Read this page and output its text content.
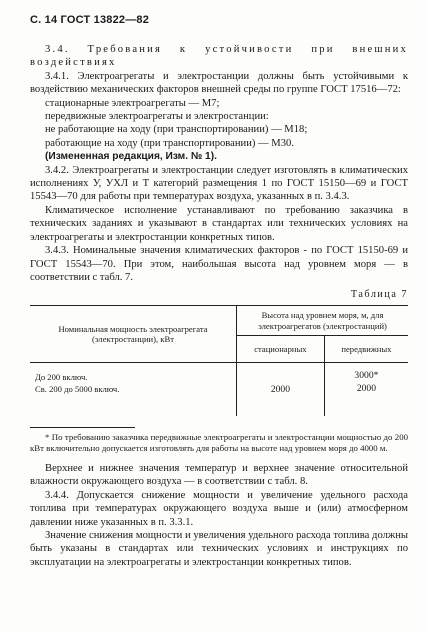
С. 14 ГОСТ 13822—82

3.4. Требования к устойчивости при внешних воздействиях

3.4.1. Электроагрегаты и электростанции должны быть устойчивыми к воздействию механических факторов внешней среды по группе ГОСТ 17516—72:

стационарные электроагрегаты — М7;

передвижные электроагрегаты и электростанции:

не работающие на ходу (при транспортировании) — М18;

работающие на ходу (при транспортировании) — М30.

(Измененная редакция, Изм. № 1).

3.4.2. Электроагрегаты и электростанции следует изготовлять в климатических исполнениях У, УХЛ и Т категорий размещения 1 по ГОСТ 15150—69 и ГОСТ 15543—70 для работы при температурах воздуха, указанных в п. 3.4.3.

Климатическое исполнение устанавливают по требованию заказчика в технических заданиях и указывают в стандартах или технических условиях на электроагрегаты и электростанции конкретных типов.

3.4.3. Номинальные значения климатических факторов - по ГОСТ 15150-69 и ГОСТ 15543—70. При этом, наибольшая высота над уровнем моря — в соответствии с табл. 7.

Таблица 7
Номинальная мощность электроагрегата (электростанции), кВт	Высота над уровнем моря, м, для электроагрегатов (электростанций)	
	стационарных	передвижных
До 200 включ.	2000	3000*
Св. 200 до 5000 включ.		2000

* По требованию заказчика передвижные электроагрегаты и электростанции мощностью до 200 кВт включительно допускается изготовлять для работы на высоте над уровнем моря до 4000 м.

Верхнее и нижнее значения температур и верхнее значение относительной влажности окружающего воздуха — в соответствии с табл. 8.

3.4.4. Допускается снижение мощности и увеличение удельного расхода топлива при температурах окружающего воздуха выше и (или) атмосферном давлении ниже указанных в п. 3.3.1.

Значение снижения мощности и увеличения удельного расхода топлива должны быть указаны в стандартах или технических условиях и инструкциях по эксплуатации на электроагрегаты и электростанции конкретных типов.
